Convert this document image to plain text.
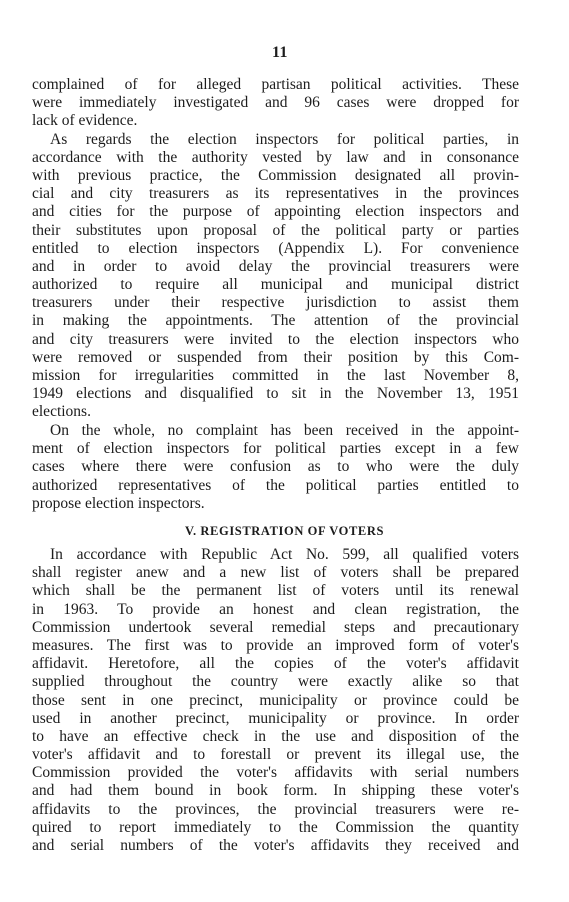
11
complained of for alleged partisan political activities. These
were immediately investigated and 96 cases were dropped for
lack of evidence.
As regards the election inspectors for political parties, in
accordance with the authority vested by law and in consonance
with previous practice, the Commission designated all provin-
cial and city treasurers as its representatives in the provinces
and cities for the purpose of appointing election inspectors and
their substitutes upon proposal of the political party or parties
entitled to election inspectors (Appendix L). For convenience
and in order to avoid delay the provincial treasurers were
authorized to require all municipal and municipal district
treasurers under their respective jurisdiction to assist them
in making the appointments. The attention of the provincial
and city treasurers were invited to the election inspectors who
were removed or suspended from their position by this Com-
mission for irregularities committed in the last November 8,
1949 elections and disqualified to sit in the November 13, 1951
elections.
On the whole, no complaint has been received in the appoint-
ment of election inspectors for political parties except in a few
cases where there were confusion as to who were the duly
authorized representatives of the political parties entitled to
propose election inspectors.
V. REGISTRATION OF VOTERS
In accordance with Republic Act No. 599, all qualified voters
shall register anew and a new list of voters shall be prepared
which shall be the permanent list of voters until its renewal
in 1963. To provide an honest and clean registration, the
Commission undertook several remedial steps and precautionary
measures. The first was to provide an improved form of voter's
affidavit. Heretofore, all the copies of the voter's affidavit
supplied throughout the country were exactly alike so that
those sent in one precinct, municipality or province could be
used in another precinct, municipality or province. In order
to have an effective check in the use and disposition of the
voter's affidavit and to forestall or prevent its illegal use, the
Commission provided the voter's affidavits with serial numbers
and had them bound in book form. In shipping these voter's
affidavits to the provinces, the provincial treasurers were re-
quired to report immediately to the Commission the quantity
and serial numbers of the voter's affidavits they received and
